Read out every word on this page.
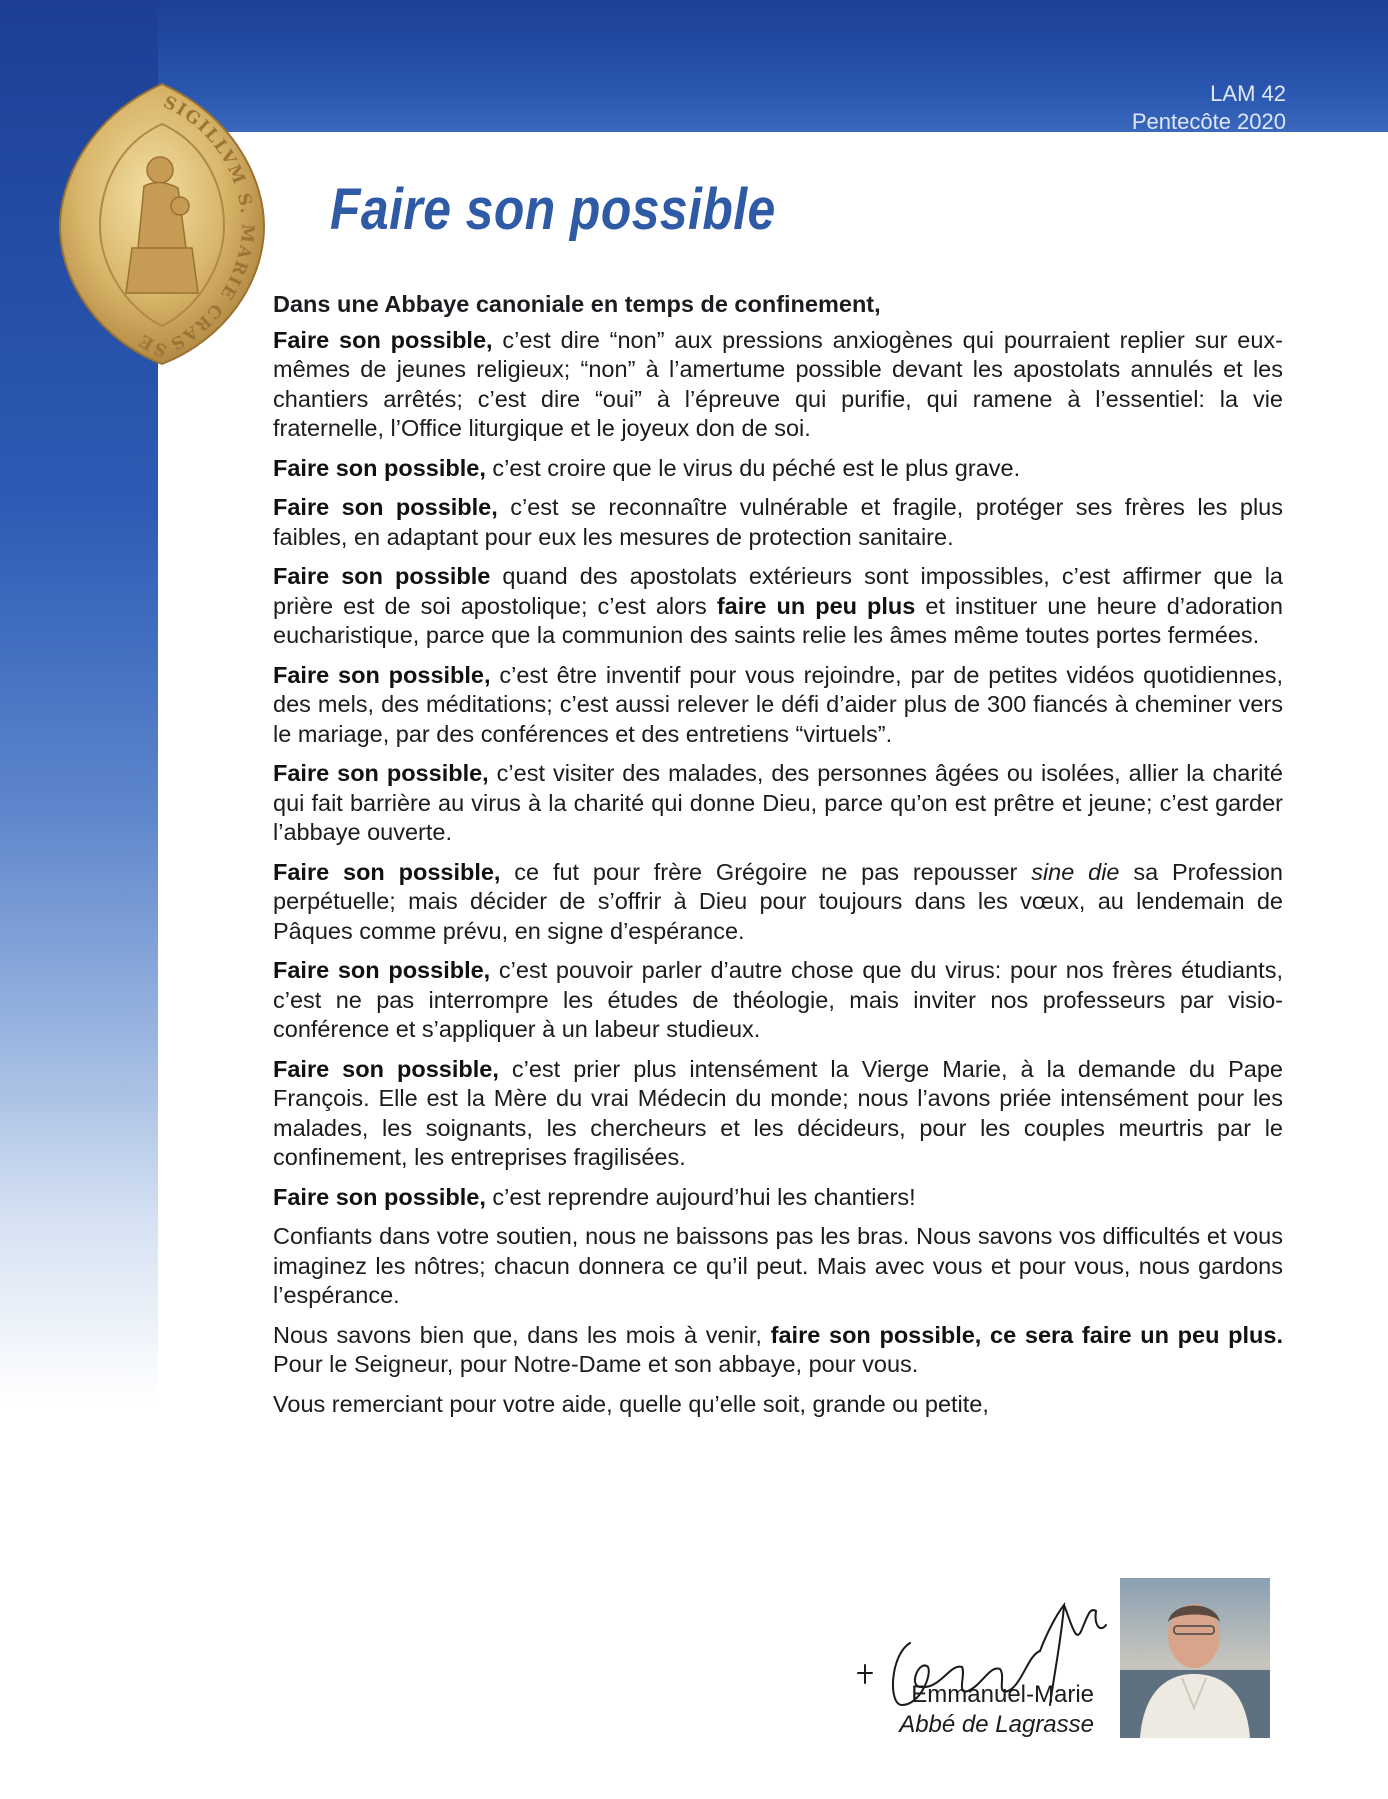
LAM 42
Pentecôte 2020
SIGILLVM S. MARIE CRASSE
Faire son possible

Dans une Abbaye canoniale en temps de confinement,

Faire son possible, c’est dire “non” aux pressions anxiogènes qui pourraient replier sur eux-mêmes de jeunes religieux; “non” à l’amertume possible devant les apostolats annulés et les chantiers arrêtés; c’est dire “oui” à l’épreuve qui purifie, qui ramene à l’essentiel: la vie fraternelle, l’Office liturgique et le joyeux don de soi.

Faire son possible, c’est croire que le virus du péché est le plus grave.

Faire son possible, c’est se reconnaître vulnérable et fragile, protéger ses frères les plus faibles, en adaptant pour eux les mesures de protection sanitaire.

Faire son possible quand des apostolats extérieurs sont impossibles, c’est affirmer que la prière est de soi apostolique; c’est alors faire un peu plus et instituer une heure d’adoration eucharistique, parce que la communion des saints relie les âmes même toutes portes fermées.

Faire son possible, c’est être inventif pour vous rejoindre, par de petites vidéos quotidiennes, des mels, des méditations; c’est aussi relever le défi d’aider plus de 300 fiancés à cheminer vers le mariage, par des conférences et des entretiens “virtuels”.

Faire son possible, c’est visiter des malades, des personnes âgées ou isolées, allier la charité qui fait barrière au virus à la charité qui donne Dieu, parce qu’on est prêtre et jeune; c’est garder l’abbaye ouverte.

Faire son possible, ce fut pour frère Grégoire ne pas repousser sine die sa Profession perpétuelle; mais décider de s’offrir à Dieu pour toujours dans les vœux, au lendemain de Pâques comme prévu, en signe d’espérance.

Faire son possible, c’est pouvoir parler d’autre chose que du virus: pour nos frères étudiants, c’est ne pas interrompre les études de théologie, mais inviter nos professeurs par visio-conférence et s’appliquer à un labeur studieux.

Faire son possible, c’est prier plus intensément la Vierge Marie, à la demande du Pape François. Elle est la Mère du vrai Médecin du monde; nous l’avons priée intensément pour les malades, les soignants, les chercheurs et les décideurs, pour les couples meurtris par le confinement, les entreprises fragilisées.

Faire son possible, c’est reprendre aujourd’hui les chantiers!

Confiants dans votre soutien, nous ne baissons pas les bras. Nous savons vos difficultés et vous imaginez les nôtres; chacun donnera ce qu’il peut. Mais avec vous et pour vous, nous gardons l’espérance.

Nous savons bien que, dans les mois à venir, faire son possible, ce sera faire un peu plus. Pour le Seigneur, pour Notre-Dame et son abbaye, pour vous.

Vous remerciant pour votre aide, quelle qu’elle soit, grande ou petite,

Emmanuel-Marie
Abbé de Lagrasse
